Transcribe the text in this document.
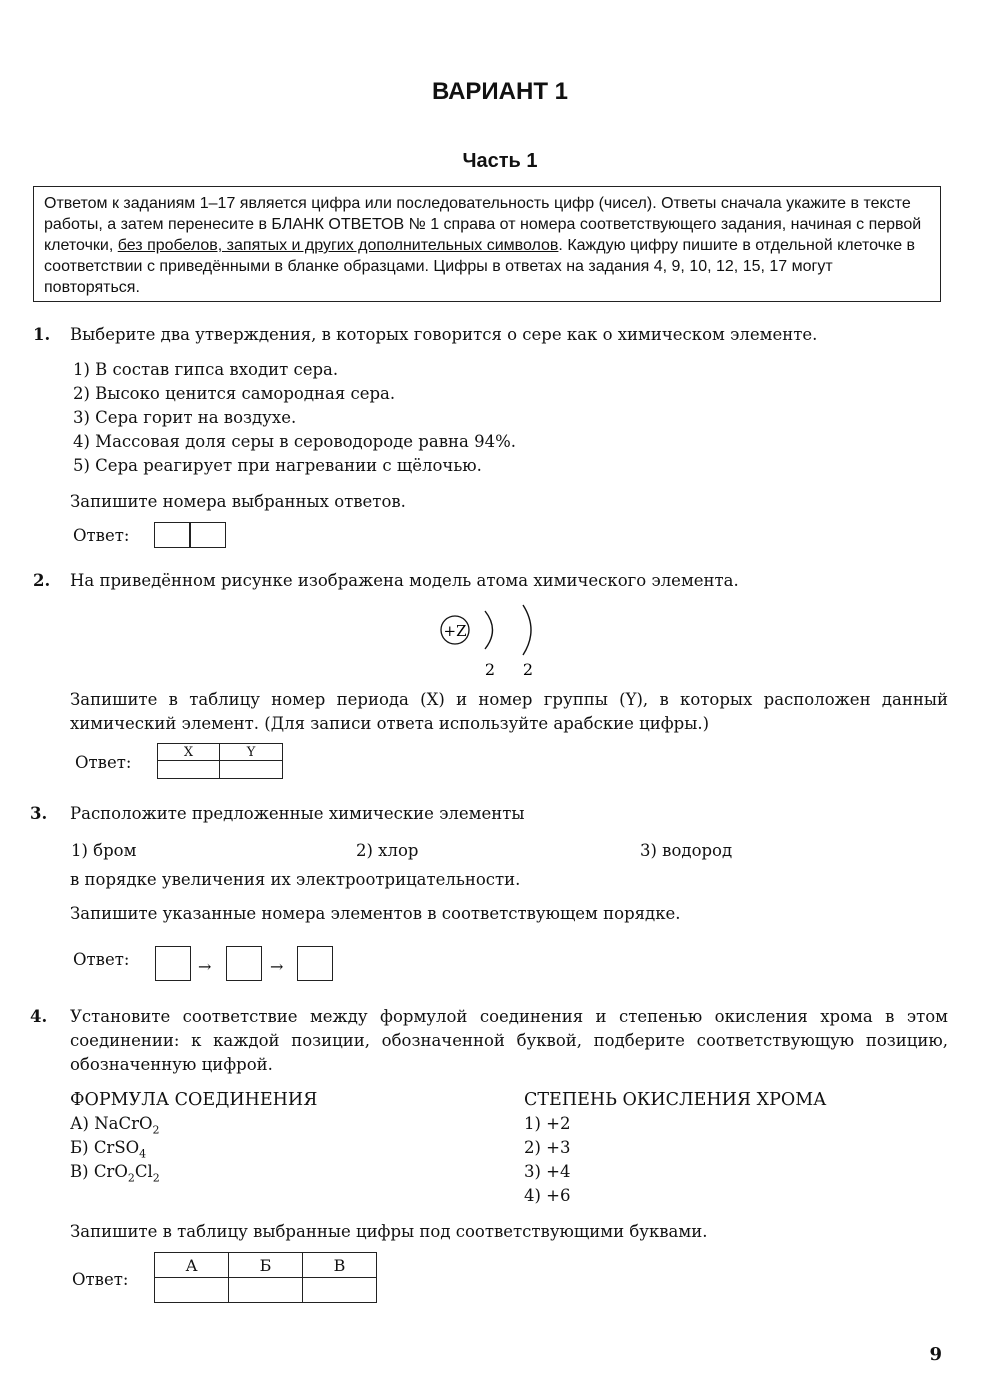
ВАРИАНТ 1
Часть 1
Ответом к заданиям 1–17 является цифра или последовательность цифр (чисел). Ответы сначала укажите в тексте работы, а затем перенесите в БЛАНК ОТВЕТОВ № 1 справа от номера соответствующего задания, начиная с первой клеточки, без пробелов, запятых и других дополнительных символов. Каждую цифру пишите в отдельной клеточке в соответствии с приведёнными в бланке образцами. Цифры в ответах на задания 4, 9, 10, 12, 15, 17 могут повторяться.
1. Выберите два утверждения, в которых говорится о сере как о химическом элементе.
1) В состав гипса входит сера.
2) Высоко ценится самородная сера.
3) Сера горит на воздухе.
4) Массовая доля серы в сероводороде равна 94%.
5) Сера реагирует при нагревании с щёлочью.
Запишите номера выбранных ответов.
Ответ:
2. На приведённом рисунке изображена модель атома химического элемента.
+Z
2 2
Запишите в таблицу номер периода (X) и номер группы (Y), в которых расположен данный химический элемент. (Для записи ответа используйте арабские цифры.)
Ответ:
X	Y

3. Расположите предложенные химические элементы
1) бром	2) хлор	3) водород
в порядке увеличения их электроотрицательности.
Запишите указанные номера элементов в соответствующем порядке.
Ответ:	→	→
4. Установите соответствие между формулой соединения и степенью окисления хрома в этом соединении: к каждой позиции, обозначенной буквой, подберите соответствующую позицию, обозначенную цифрой.
ФОРМУЛА СОЕДИНЕНИЯ	СТЕПЕНЬ ОКИСЛЕНИЯ ХРОМА
А) NaCrO$_2$
Б) CrSO$_4$
В) $CrO_2Cl_2$
1) +2
2) +3
3) +4
4) +6
Запишите в таблицу выбранные цифры под соответствующими буквами.
Ответ:
А	Б	В

9
